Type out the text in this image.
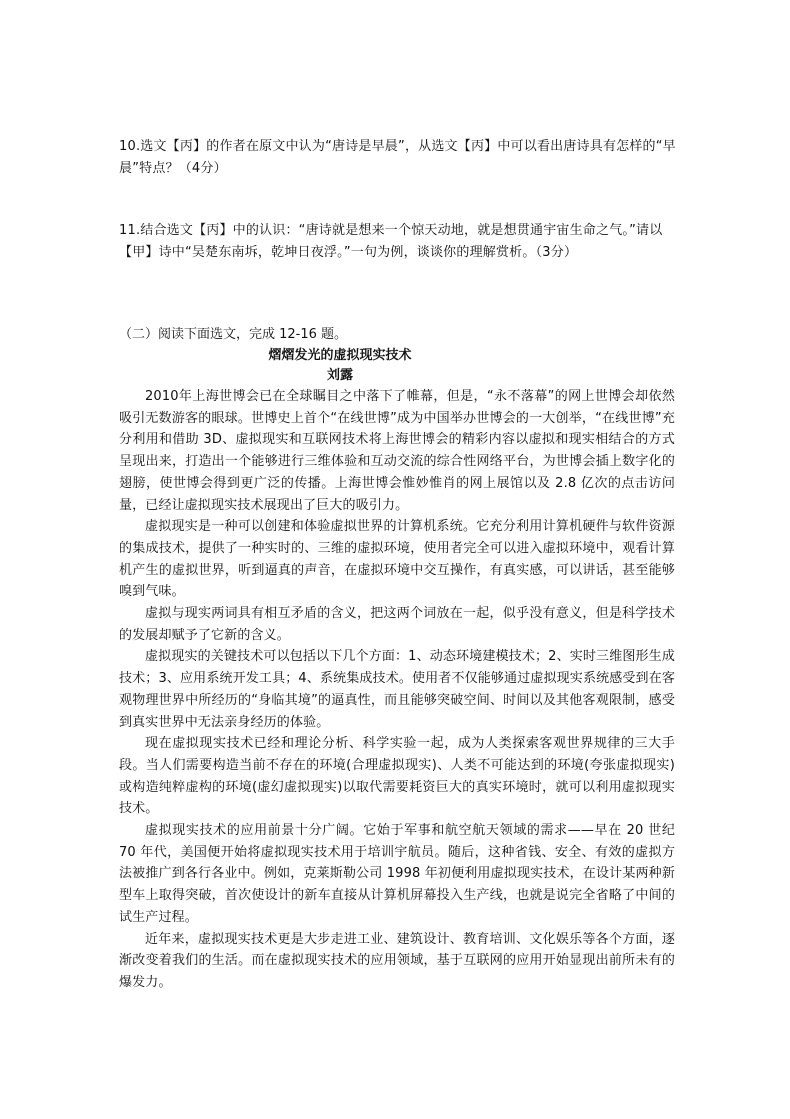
10.选文【丙】的作者在原文中认为“唐诗是早晨”，从选文【丙】中可以看出唐诗具有怎样的“早晨”特点？（4分）
11.结合选文【丙】中的认识：“唐诗就是想来一个惊天动地，就是想贯通宇宙生命之气。”请以【甲】诗中“吴楚东南坼，乾坤日夜浮。”一句为例，谈谈你的理解赏析。（3分）
（二）阅读下面选文，完成 12-16 题。
熠熠发光的虚拟现实技术
刘露

2010年上海世博会已在全球瞩目之中落下了帷幕，但是，“永不落幕”的网上世博会却依然吸引无数游客的眼球。世博史上首个“在线世博”成为中国举办世博会的一大创举，“在线世博”充分利用和借助 3D、虚拟现实和互联网技术将上海世博会的精彩内容以虚拟和现实相结合的方式呈现出来，打造出一个能够进行三维体验和互动交流的综合性网络平台，为世博会插上数字化的翅膀，使世博会得到更广泛的传播。上海世博会惟妙惟肖的网上展馆以及 2.8 亿次的点击访问量，已经让虚拟现实技术展现出了巨大的吸引力。

虚拟现实是一种可以创建和体验虚拟世界的计算机系统。它充分利用计算机硬件与软件资源的集成技术，提供了一种实时的、三维的虚拟环境，使用者完全可以进入虚拟环境中，观看计算机产生的虚拟世界，听到逼真的声音，在虚拟环境中交互操作，有真实感，可以讲话，甚至能够嗅到气味。

虚拟与现实两词具有相互矛盾的含义，把这两个词放在一起，似乎没有意义，但是科学技术的发展却赋予了它新的含义。

虚拟现实的关键技术可以包括以下几个方面：1、动态环境建模技术；2、实时三维图形生成技术；3、应用系统开发工具；4、系统集成技术。使用者不仅能够通过虚拟现实系统感受到在客观物理世界中所经历的“身临其境”的逼真性，而且能够突破空间、时间以及其他客观限制，感受到真实世界中无法亲身经历的体验。

现在虚拟现实技术已经和理论分析、科学实验一起，成为人类探索客观世界规律的三大手段。当人们需要构造当前不存在的环境(合理虚拟现实)、人类不可能达到的环境(夸张虚拟现实)或构造纯粹虚构的环境(虚幻虚拟现实)以取代需要耗资巨大的真实环境时，就可以利用虚拟现实技术。

虚拟现实技术的应用前景十分广阔。它始于军事和航空航天领域的需求——早在 20 世纪 70 年代，美国便开始将虚拟现实技术用于培训宇航员。随后，这种省钱、安全、有效的虚拟方法被推广到各行各业中。例如，克莱斯勒公司 1998 年初便利用虚拟现实技术，在设计某两种新型车上取得突破，首次使设计的新车直接从计算机屏幕投入生产线，也就是说完全省略了中间的试生产过程。

近年来，虚拟现实技术更是大步走进工业、建筑设计、教育培训、文化娱乐等各个方面，逐渐改变着我们的生活。而在虚拟现实技术的应用领域，基于互联网的应用开始显现出前所未有的爆发力。
